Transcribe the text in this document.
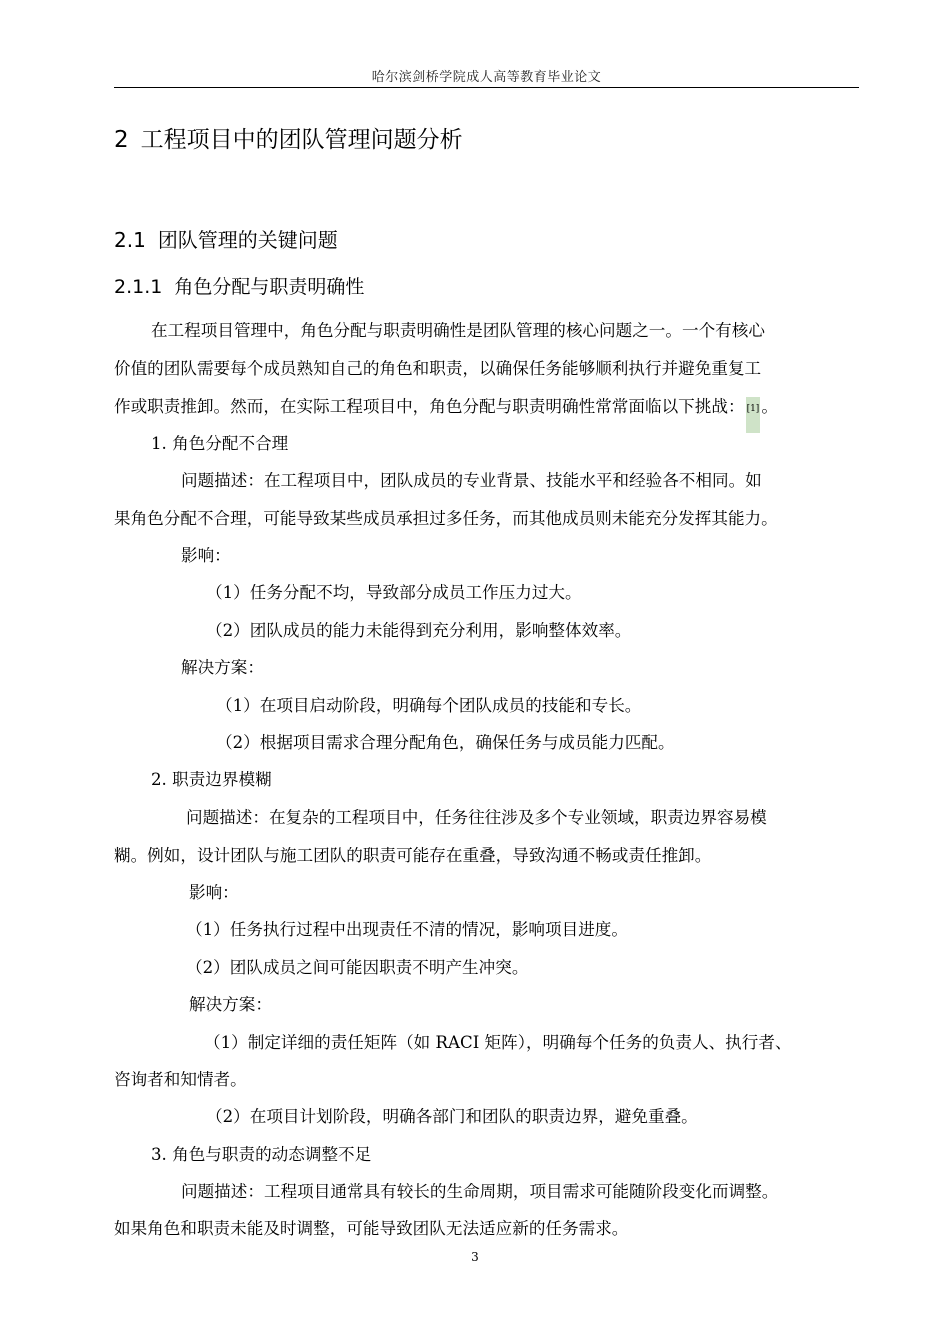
哈尔滨剑桥学院成人高等教育毕业论文
2 工程项目中的团队管理问题分析
2.1 团队管理的关键问题
2.1.1 角色分配与职责明确性
在工程项目管理中，角色分配与职责明确性是团队管理的核心问题之一。一个有核心
价值的团队需要每个成员熟知自己的角色和职责，以确保任务能够顺利执行并避免重复工
作或职责推卸。然而，在实际工程项目中，角色分配与职责明确性常常面临以下挑战： [1] 。
1. 角色分配不合理
问题描述：在工程项目中，团队成员的专业背景、技能水平和经验各不相同。如
果角色分配不合理，可能导致某些成员承担过多任务，而其他成员则未能充分发挥其能力。
影响：
（1）任务分配不均，导致部分成员工作压力过大。
（2）团队成员的能力未能得到充分利用，影响整体效率。
解决方案：
（1）在项目启动阶段，明确每个团队成员的技能和专长。
（2）根据项目需求合理分配角色，确保任务与成员能力匹配。
2. 职责边界模糊
问题描述：在复杂的工程项目中，任务往往涉及多个专业领域，职责边界容易模
糊。例如，设计团队与施工团队的职责可能存在重叠，导致沟通不畅或责任推卸。
影响：
（1）任务执行过程中出现责任不清的情况，影响项目进度。
（2）团队成员之间可能因职责不明产生冲突。
解决方案：
（1）制定详细的责任矩阵（如 RACI 矩阵），明确每个任务的负责人、执行者、
咨询者和知情者。
（2）在项目计划阶段，明确各部门和团队的职责边界，避免重叠。
3. 角色与职责的动态调整不足
问题描述：工程项目通常具有较长的生命周期，项目需求可能随阶段变化而调整。
如果角色和职责未能及时调整，可能导致团队无法适应新的任务需求。
3
